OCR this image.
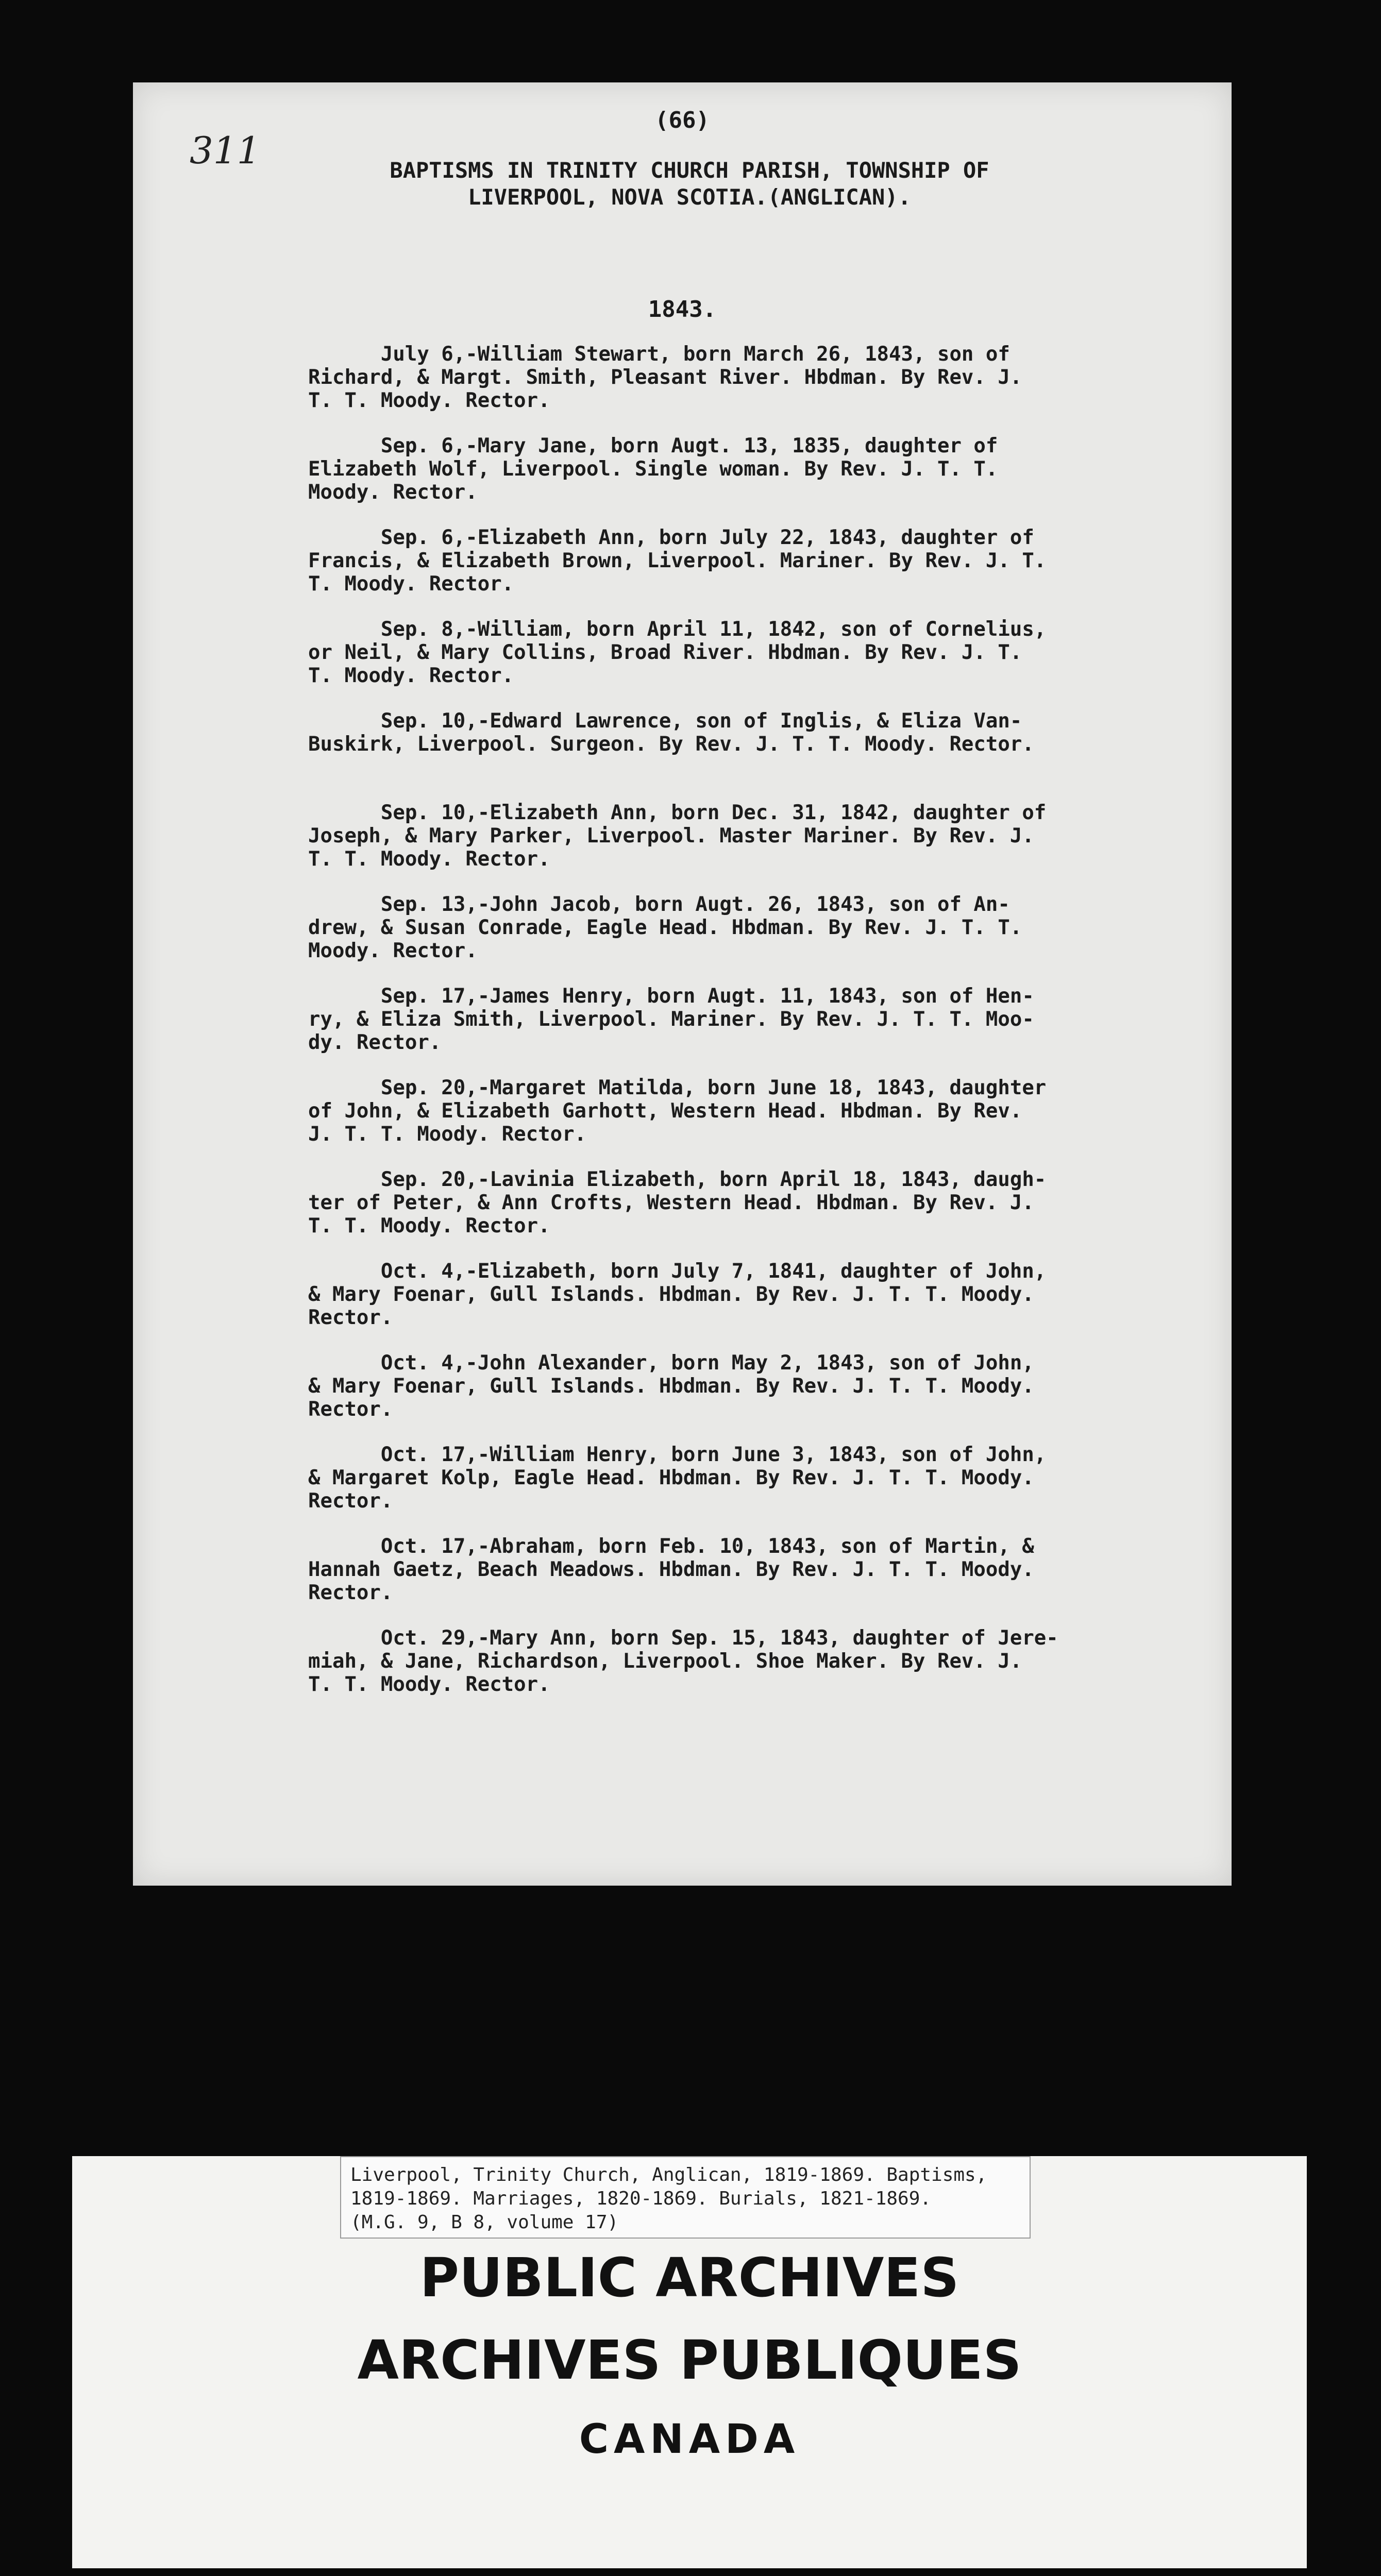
311
(66)
BAPTISMS IN TRINITY CHURCH PARISH, TOWNSHIP OF
LIVERPOOL, NOVA SCOTIA.(ANGLICAN).
1843.
July 6,-William Stewart, born March 26, 1843, son of
Richard, & Margt. Smith, Pleasant River. Hbdman. By Rev. J.
T. T. Moody. Rector.
Sep. 6,-Mary Jane, born Augt. 13, 1835, daughter of
Elizabeth Wolf, Liverpool. Single woman. By Rev. J. T. T.
Moody. Rector.
Sep. 6,-Elizabeth Ann, born July 22, 1843, daughter of
Francis, & Elizabeth Brown, Liverpool. Mariner. By Rev. J. T.
T. Moody. Rector.
Sep. 8,-William, born April 11, 1842, son of Cornelius,
or Neil, & Mary Collins, Broad River. Hbdman. By Rev. J. T.
T. Moody. Rector.
Sep. 10,-Edward Lawrence, son of Inglis, & Eliza Van-
Buskirk, Liverpool. Surgeon. By Rev. J. T. T. Moody. Rector.
Sep. 10,-Elizabeth Ann, born Dec. 31, 1842, daughter of
Joseph, & Mary Parker, Liverpool. Master Mariner. By Rev. J.
T. T. Moody. Rector.
Sep. 13,-John Jacob, born Augt. 26, 1843, son of An-
drew, & Susan Conrade, Eagle Head. Hbdman. By Rev. J. T. T.
Moody. Rector.
Sep. 17,-James Henry, born Augt. 11, 1843, son of Hen-
ry, & Eliza Smith, Liverpool. Mariner. By Rev. J. T. T. Moo-
dy. Rector.
Sep. 20,-Margaret Matilda, born June 18, 1843, daughter
of John, & Elizabeth Garhott, Western Head. Hbdman. By Rev.
J. T. T. Moody. Rector.
Sep. 20,-Lavinia Elizabeth, born April 18, 1843, daugh-
ter of Peter, & Ann Crofts, Western Head. Hbdman. By Rev. J.
T. T. Moody. Rector.
Oct. 4,-Elizabeth, born July 7, 1841, daughter of John,
& Mary Foenar, Gull Islands. Hbdman. By Rev. J. T. T. Moody.
Rector.
Oct. 4,-John Alexander, born May 2, 1843, son of John,
& Mary Foenar, Gull Islands. Hbdman. By Rev. J. T. T. Moody.
Rector.
Oct. 17,-William Henry, born June 3, 1843, son of John,
& Margaret Kolp, Eagle Head. Hbdman. By Rev. J. T. T. Moody.
Rector.
Oct. 17,-Abraham, born Feb. 10, 1843, son of Martin, &
Hannah Gaetz, Beach Meadows. Hbdman. By Rev. J. T. T. Moody.
Rector.
Oct. 29,-Mary Ann, born Sep. 15, 1843, daughter of Jere-
miah, & Jane, Richardson, Liverpool. Shoe Maker. By Rev. J.
T. T. Moody. Rector.
Liverpool, Trinity Church, Anglican, 1819-1869. Baptisms,
1819-1869. Marriages, 1820-1869. Burials, 1821-1869.
(M.G. 9, B 8, volume 17)
PUBLIC ARCHIVES
ARCHIVES PUBLIQUES
CANADA
